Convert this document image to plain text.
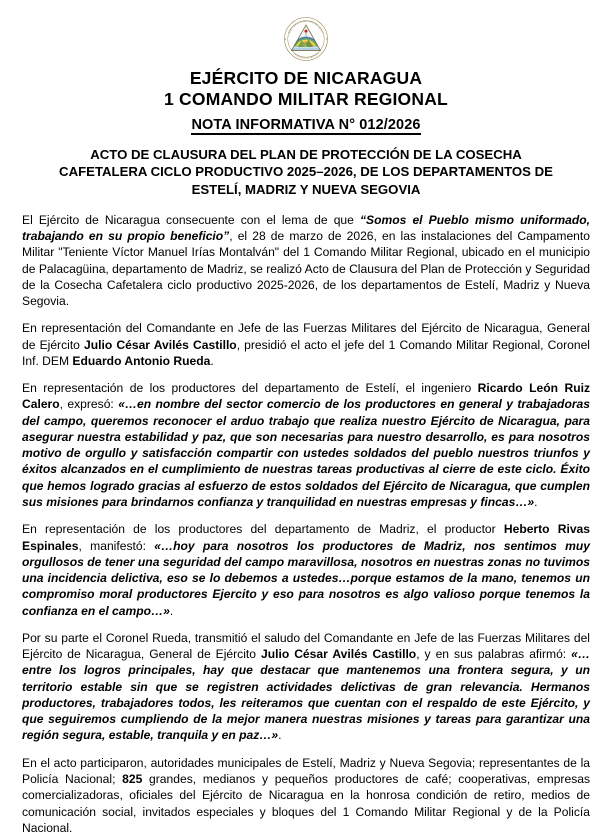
REPUBLICA DE NICARAGUA
AMERICA CENTRAL
EJÉRCITO DE NICARAGUA
1 COMANDO MILITAR REGIONAL
NOTA INFORMATIVA N° 012/2026
ACTO DE CLAUSURA DEL PLAN DE PROTECCIÓN DE LA COSECHA CAFETALERA CICLO PRODUCTIVO 2025–2026, DE LOS DEPARTAMENTOS DE ESTELÍ, MADRIZ Y NUEVA SEGOVIA

El Ejército de Nicaragua consecuente con el lema de que “Somos el Pueblo mismo uniformado, trabajando en su propio beneficio”, el 28 de marzo de 2026, en las instalaciones del Campamento Militar "Teniente Víctor Manuel Irías Montalván" del 1 Comando Militar Regional, ubicado en el municipio de Palacagüina, departamento de Madriz, se realizó Acto de Clausura del Plan de Protección y Seguridad de la Cosecha Cafetalera ciclo productivo 2025-2026, de los departamentos de Estelí, Madriz y Nueva Segovia.

En representación del Comandante en Jefe de las Fuerzas Militares del Ejército de Nicaragua, General de Ejército Julio César Avilés Castillo, presidió el acto el jefe del 1 Comando Militar Regional, Coronel Inf. DEM Eduardo Antonio Rueda.

En representación de los productores del departamento de Estelí, el ingeniero Ricardo León Ruiz Calero, expresó: «…en nombre del sector comercio de los productores en general y trabajadoras del campo, queremos reconocer el arduo trabajo que realiza nuestro Ejército de Nicaragua, para asegurar nuestra estabilidad y paz, que son necesarias para nuestro desarrollo, es para nosotros motivo de orgullo y satisfacción compartir con ustedes soldados del pueblo nuestros triunfos y éxitos alcanzados en el cumplimiento de nuestras tareas productivas al cierre de este ciclo. Éxito que hemos logrado gracias al esfuerzo de estos soldados del Ejército de Nicaragua, que cumplen sus misiones para brindarnos confianza y tranquilidad en nuestras empresas y fincas…».

En representación de los productores del departamento de Madriz, el productor Heberto Rivas Espinales, manifestó: «…hoy para nosotros los productores de Madriz, nos sentimos muy orgullosos de tener una seguridad del campo maravillosa, nosotros en nuestras zonas no tuvimos una incidencia delictiva, eso se lo debemos a ustedes…porque estamos de la mano, tenemos un compromiso moral productores Ejercito y eso para nosotros es algo valioso porque tenemos la confianza en el campo…».

Por su parte el Coronel Rueda, transmitió el saludo del Comandante en Jefe de las Fuerzas Militares del Ejército de Nicaragua, General de Ejército Julio César Avilés Castillo, y en sus palabras afirmó: «…entre los logros principales, hay que destacar que mantenemos una frontera segura, y un territorio estable sin que se registren actividades delictivas de gran relevancia. Hermanos productores, trabajadores todos, les reiteramos que cuentan con el respaldo de este Ejército, y que seguiremos cumpliendo de la mejor manera nuestras misiones y tareas para garantizar una región segura, estable, tranquila y en paz…».

En el acto participaron, autoridades municipales de Estelí, Madriz y Nueva Segovia; representantes de la Policía Nacional; 825 grandes, medianos y pequeños productores de café; cooperativas, empresas comercializadoras, oficiales del Ejército de Nicaragua en la honrosa condición de retiro, medios de comunicación social, invitados especiales y bloques del 1 Comando Militar Regional y de la Policía Nacional.
